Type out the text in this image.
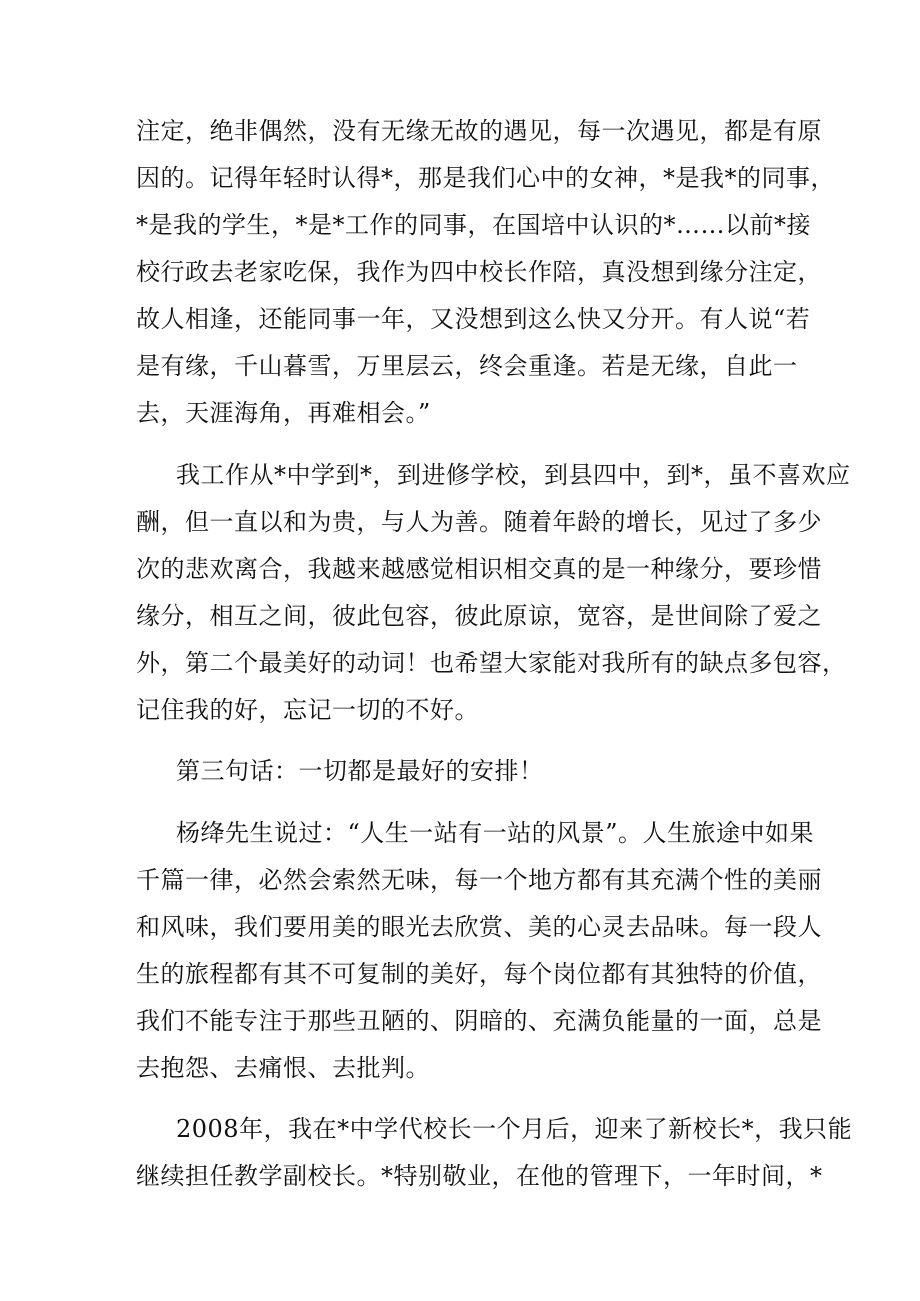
注定，绝非偶然，没有无缘无故的遇见，每一次遇见，都是有原
因的。记得年轻时认得*，那是我们心中的女神，*是我*的同事，
*是我的学生，*是*工作的同事，在国培中认识的*……以前*接
校行政去老家吃保，我作为四中校长作陪，真没想到缘分注定，
故人相逢，还能同事一年，又没想到这么快又分开。有人说“若
是有缘，千山暮雪，万里层云，终会重逢。若是无缘，自此一
去，天涯海角，再难相会。”
我工作从*中学到*，到进修学校，到县四中，到*，虽不喜欢应
酬，但一直以和为贵，与人为善。随着年龄的增长，见过了多少
次的悲欢离合，我越来越感觉相识相交真的是一种缘分，要珍惜
缘分，相互之间，彼此包容，彼此原谅，宽容，是世间除了爱之
外，第二个最美好的动词！也希望大家能对我所有的缺点多包容，
记住我的好，忘记一切的不好。
第三句话：一切都是最好的安排！
杨绛先生说过：“人生一站有一站的风景”。人生旅途中如果
千篇一律，必然会索然无味，每一个地方都有其充满个性的美丽
和风味，我们要用美的眼光去欣赏、美的心灵去品味。每一段人
生的旅程都有其不可复制的美好，每个岗位都有其独特的价值，
我们不能专注于那些丑陋的、阴暗的、充满负能量的一面，总是
去抱怨、去痛恨、去批判。
2008年，我在*中学代校长一个月后，迎来了新校长*，我只能
继续担任教学副校长。*特别敬业，在他的管理下，一年时间，*
